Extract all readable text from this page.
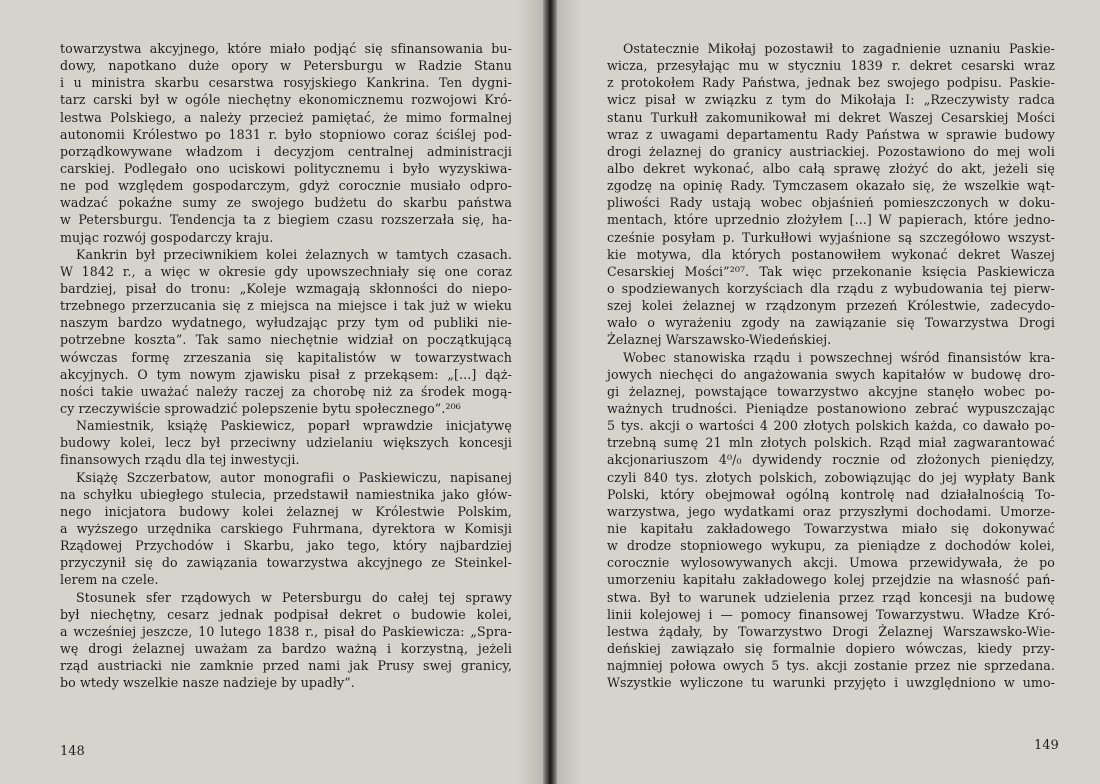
towarzystwa akcyjnego, które miało podjąć się sfinansowania bu-
dowy, napotkano duże opory w Petersburgu w Radzie Stanu
i u ministra skarbu cesarstwa rosyjskiego Kankrina. Ten dygni-
tarz carski był w ogóle niechętny ekonomicznemu rozwojowi Kró-
lestwa Polskiego, a należy przecież pamiętać, że mimo formalnej
autonomii Królestwo po 1831 r. było stopniowo coraz ściślej pod-
porządkowywane władzom i decyzjom centralnej administracji
carskiej. Podlegało ono uciskowi politycznemu i było wyzyskiwa-
ne pod względem gospodarczym, gdyż corocznie musiało odpro-
wadzać pokaźne sumy ze swojego budżetu do skarbu państwa
w Petersburgu. Tendencja ta z biegiem czasu rozszerzała się, ha-
mując rozwój gospodarczy kraju.
Kankrin był przeciwnikiem kolei żelaznych w tamtych czasach.
W 1842 r., a więc w okresie gdy upowszechniały się one coraz
bardziej, pisał do tronu: „Koleje wzmagają skłonności do niepo-
trzebnego przerzucania się z miejsca na miejsce i tak już w wieku
naszym bardzo wydatnego, wyłudzając przy tym od publiki nie-
potrzebne koszta”. Tak samo niechętnie widział on początkującą
wówczas formę zrzeszania się kapitalistów w towarzystwach
akcyjnych. O tym nowym zjawisku pisał z przekąsem: „[...] dąż-
ności takie uważać należy raczej za chorobę niż za środek mogą-
cy rzeczywiście sprowadzić polepszenie bytu społecznego”.²⁰⁶
Namiestnik, książę Paskiewicz, poparł wprawdzie inicjatywę
budowy kolei, lecz był przeciwny udzielaniu większych koncesji
finansowych rządu dla tej inwestycji.
Książę Szczerbatow, autor monografii o Paskiewiczu, napisanej
na schyłku ubiegłego stulecia, przedstawił namiestnika jako głów-
nego inicjatora budowy kolei żelaznej w Królestwie Polskim,
a wyższego urzędnika carskiego Fuhrmana, dyrektora w Komisji
Rządowej Przychodów i Skarbu, jako tego, który najbardziej
przyczynił się do zawiązania towarzystwa akcyjnego ze Steinkel-
lerem na czele.
Stosunek sfer rządowych w Petersburgu do całej tej sprawy
był niechętny, cesarz jednak podpisał dekret o budowie kolei,
a wcześniej jeszcze, 10 lutego 1838 r., pisał do Paskiewicza: „Spra-
wę drogi żelaznej uważam za bardzo ważną i korzystną, jeżeli
rząd austriacki nie zamknie przed nami jak Prusy swej granicy,
bo wtedy wszelkie nasze nadzieje by upadły”.
148
Ostatecznie Mikołaj pozostawił to zagadnienie uznaniu Paskie-
wicza, przesyłając mu w styczniu 1839 r. dekret cesarski wraz
z protokołem Rady Państwa, jednak bez swojego podpisu. Paskie-
wicz pisał w związku z tym do Mikołaja I: „Rzeczywisty radca
stanu Turkułł zakomunikował mi dekret Waszej Cesarskiej Mości
wraz z uwagami departamentu Rady Państwa w sprawie budowy
drogi żelaznej do granicy austriackiej. Pozostawiono do mej woli
albo dekret wykonać, albo całą sprawę złożyć do akt, jeżeli się
zgodzę na opinię Rady. Tymczasem okazało się, że wszelkie wąt-
pliwości Rady ustają wobec objaśnień pomieszczonych w doku-
mentach, które uprzednio złożyłem [...] W papierach, które jedno-
cześnie posyłam p. Turkułłowi wyjaśnione są szczegółowo wszyst-
kie motywa, dla których postanowiłem wykonać dekret Waszej
Cesarskiej Mości”²⁰⁷. Tak więc przekonanie księcia Paskiewicza
o spodziewanych korzyściach dla rządu z wybudowania tej pierw-
szej kolei żelaznej w rządzonym przezeń Królestwie, zadecydo-
wało o wyrażeniu zgody na zawiązanie się Towarzystwa Drogi
Żelaznej Warszawsko-Wiedeńskiej.
Wobec stanowiska rządu i powszechnej wśród finansistów kra-
jowych niechęci do angażowania swych kapitałów w budowę dro-
gi żelaznej, powstające towarzystwo akcyjne stanęło wobec po-
ważnych trudności. Pieniądze postanowiono zebrać wypuszczając
5 tys. akcji o wartości 4 200 złotych polskich każda, co dawało po-
trzebną sumę 21 mln złotych polskich. Rząd miał zagwarantować
akcjonariuszom 4⁰/₀ dywidendy rocznie od złożonych pieniędzy,
czyli 840 tys. złotych polskich, zobowiązując do jej wypłaty Bank
Polski, który obejmował ogólną kontrolę nad działalnością To-
warzystwa, jego wydatkami oraz przyszłymi dochodami. Umorze-
nie kapitału zakładowego Towarzystwa miało się dokonywać
w drodze stopniowego wykupu, za pieniądze z dochodów kolei,
corocznie wylosowywanych akcji. Umowa przewidywała, że po
umorzeniu kapitału zakładowego kolej przejdzie na własność pań-
stwa. Był to warunek udzielenia przez rząd koncesji na budowę
linii kolejowej i — pomocy finansowej Towarzystwu. Władze Kró-
lestwa żądały, by Towarzystwo Drogi Żelaznej Warszawsko-Wie-
deńskiej zawiązało się formalnie dopiero wówczas, kiedy przy-
najmniej połowa owych 5 tys. akcji zostanie przez nie sprzedana.
Wszystkie wyliczone tu warunki przyjęto i uwzględniono w umo-
149
